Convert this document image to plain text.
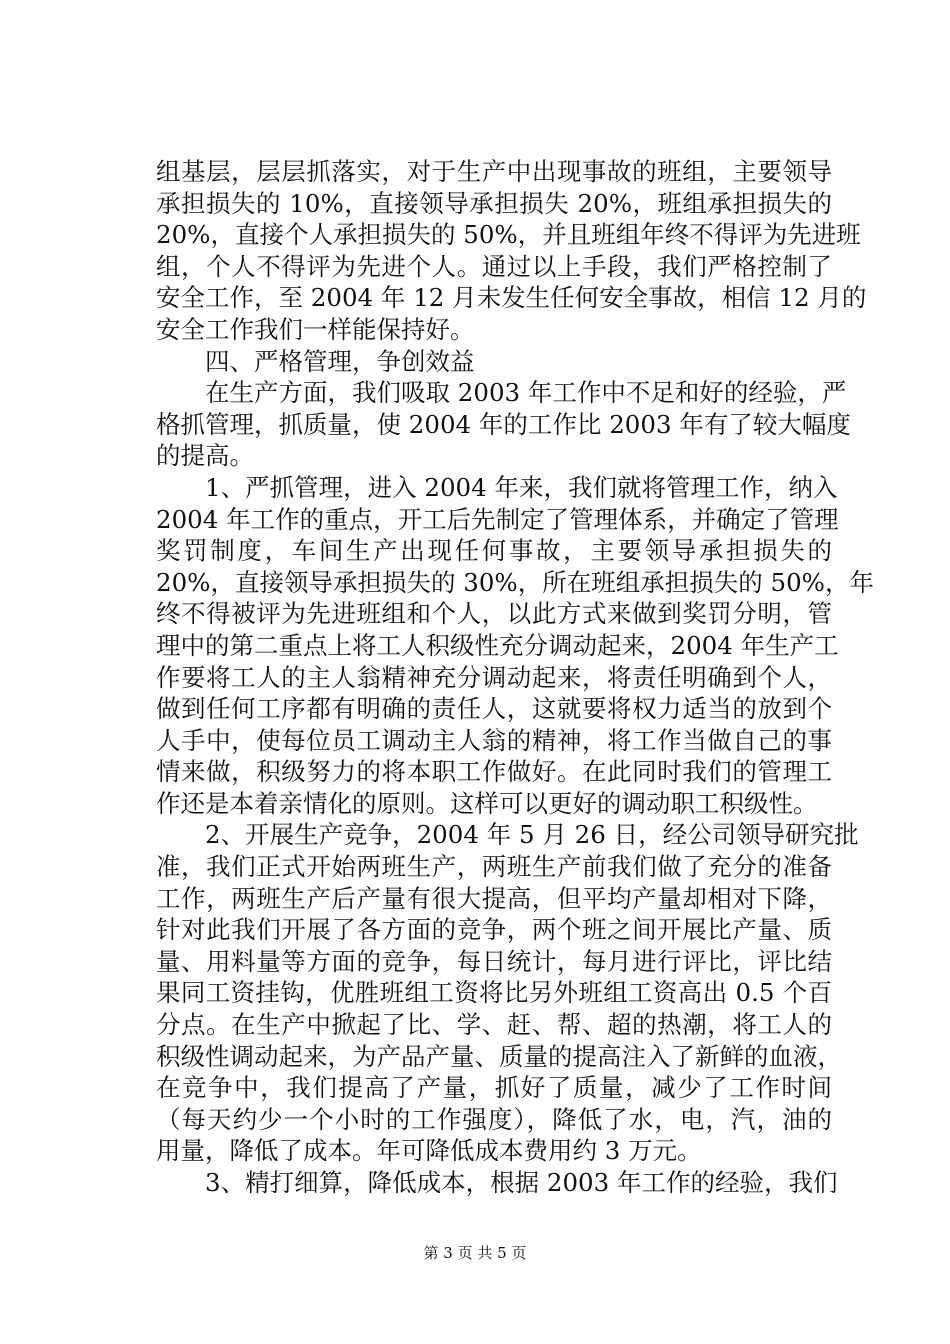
组基层，层层抓落实，对于生产中出现事故的班组，主要领导
承担损失的 10%，直接领导承担损失 20%，班组承担损失的
20%，直接个人承担损失的 50%，并且班组年终不得评为先进班
组，个人不得评为先进个人。通过以上手段，我们严格控制了
安全工作，至 2004 年 12 月未发生任何安全事故，相信 12 月的
安全工作我们一样能保持好。
四、严格管理，争创效益
在生产方面，我们吸取 2003 年工作中不足和好的经验，严
格抓管理，抓质量，使 2004 年的工作比 2003 年有了较大幅度
的提高。
1、严抓管理，进入 2004 年来，我们就将管理工作，纳入
2004 年工作的重点，开工后先制定了管理体系，并确定了管理
奖罚制度，车间生产出现任何事故，主要领导承担损失的
20%，直接领导承担损失的 30%，所在班组承担损失的 50%，年
终不得被评为先进班组和个人，以此方式来做到奖罚分明，管
理中的第二重点上将工人积级性充分调动起来，2004 年生产工
作要将工人的主人翁精神充分调动起来，将责任明确到个人，
做到任何工序都有明确的责任人，这就要将权力适当的放到个
人手中，使每位员工调动主人翁的精神，将工作当做自己的事
情来做，积级努力的将本职工作做好。在此同时我们的管理工
作还是本着亲情化的原则。这样可以更好的调动职工积级性。
2、开展生产竞争，2004 年 5 月 26 日，经公司领导研究批
准，我们正式开始两班生产，两班生产前我们做了充分的准备
工作，两班生产后产量有很大提高，但平均产量却相对下降，
针对此我们开展了各方面的竞争，两个班之间开展比产量、质
量、用料量等方面的竞争，每日统计，每月进行评比，评比结
果同工资挂钩，优胜班组工资将比另外班组工资高出 0.5 个百
分点。在生产中掀起了比、学、赶、帮、超的热潮，将工人的
积级性调动起来，为产品产量、质量的提高注入了新鲜的血液，
在竞争中，我们提高了产量，抓好了质量，减少了工作时间
（每天约少一个小时的工作强度），降低了水，电，汽，油的
用量，降低了成本。年可降低成本费用约 3 万元。
3、精打细算，降低成本，根据 2003 年工作的经验，我们
第 3 页 共 5 页
